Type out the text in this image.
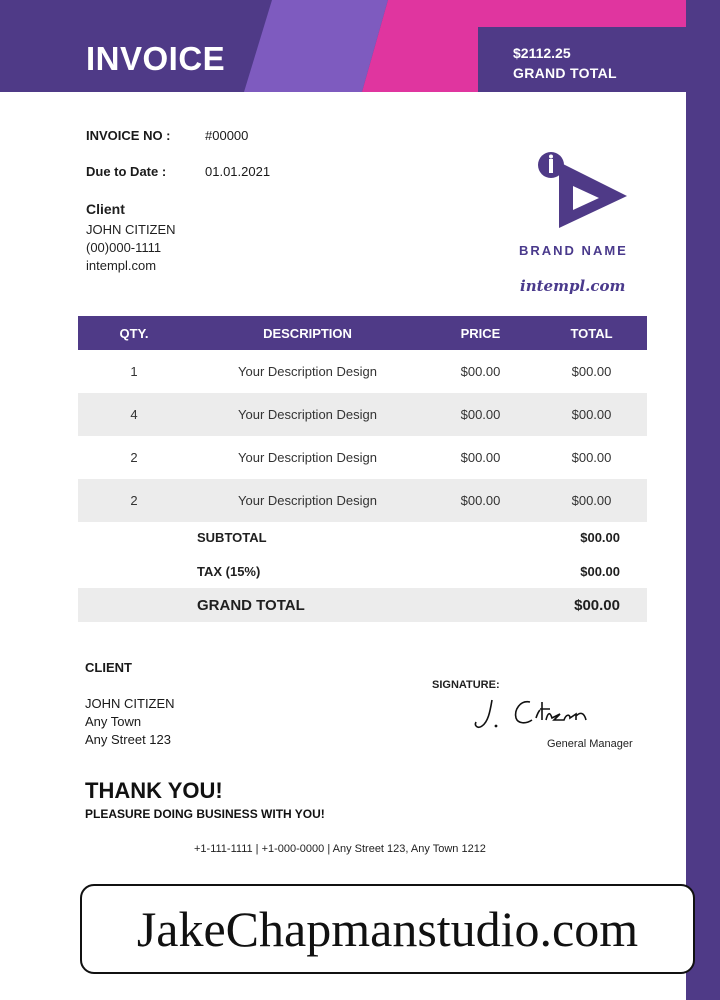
INVOICE	$2112.25
GRAND TOTAL
INVOICE NO :	#00000
Due to Date :	01.01.2021
Client
JOHN CITIZEN
(00)000-1111
intempl.com
BRAND NAME
intempl.com
QTY.	DESCRIPTION	PRICE	TOTAL
1	Your Description Design	$00.00	$00.00
4	Your Description Design	$00.00	$00.00
2	Your Description Design	$00.00	$00.00
2	Your Description Design	$00.00	$00.00
SUBTOTAL	$00.00
TAX (15%)	$00.00
GRAND TOTAL	$00.00
CLIENT
JOHN CITIZEN
Any Town
Any Street 123
SIGNATURE:
General Manager
THANK YOU!
PLEASURE DOING BUSINESS WITH YOU!
+1-111-1111 | +1-000-0000 | Any Street 123, Any Town 1212
JakeChapmanstudio.com
